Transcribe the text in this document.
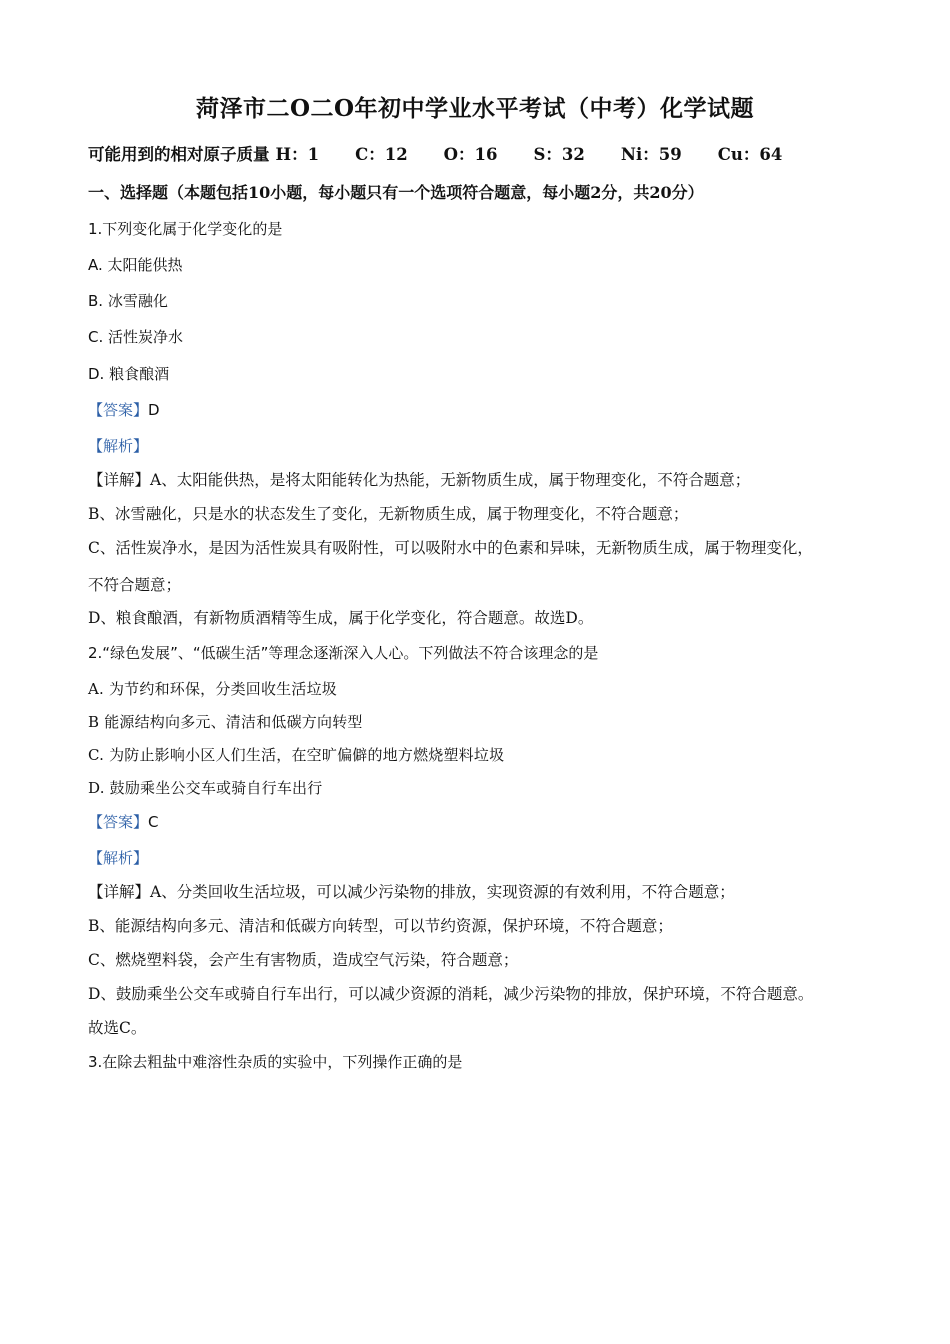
菏泽市二O二O年初中学业水平考试（中考）化学试题
可能用到的相对原子质量 H：1 C：12 O：16 S：32 Ni：59 Cu：64
一、选择题（本题包括10小题，每小题只有一个选项符合题意，每小题2分，共20分）
1.下列变化属于化学变化的是
A. 太阳能供热
B. 冰雪融化
C. 活性炭净水
D. 粮食酿酒
【答案】D
【解析】
【详解】A、太阳能供热，是将太阳能转化为热能，无新物质生成，属于物理变化，不符合题意；
B、冰雪融化，只是水的状态发生了变化，无新物质生成，属于物理变化，不符合题意；
C、活性炭净水，是因为活性炭具有吸附性，可以吸附水中的色素和异味，无新物质生成，属于物理变化，
不符合题意；
D、粮食酿酒，有新物质酒精等生成，属于化学变化，符合题意。故选D。
2.“绿色发展”、“低碳生活”等理念逐渐深入人心。下列做法不符合该理念的是
A. 为节约和环保，分类回收生活垃圾
B 能源结构向多元、清洁和低碳方向转型
C. 为防止影响小区人们生活，在空旷偏僻的地方燃烧塑料垃圾
D. 鼓励乘坐公交车或骑自行车出行
【答案】C
【解析】
【详解】A、分类回收生活垃圾，可以减少污染物的排放，实现资源的有效利用，不符合题意；
B、能源结构向多元、清洁和低碳方向转型，可以节约资源，保护环境，不符合题意；
C、燃烧塑料袋，会产生有害物质，造成空气污染，符合题意；
D、鼓励乘坐公交车或骑自行车出行，可以减少资源的消耗，减少污染物的排放，保护环境，不符合题意。
故选C。
3.在除去粗盐中难溶性杂质的实验中，下列操作正确的是
